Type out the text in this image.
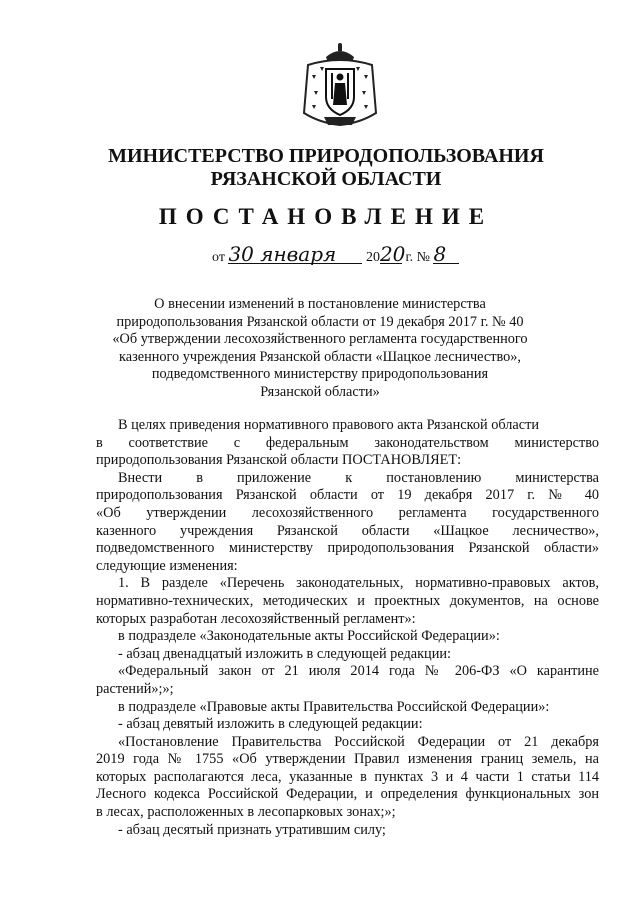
МИНИСТЕРСТВО ПРИРОДОПОЛЬЗОВАНИЯ
РЯЗАНСКОЙ ОБЛАСТИ
ПОСТАНОВЛЕНИЕ
от 30 января 2020 г. № 8

О внесении изменений в постановление министерства

природопользования Рязанской области от 19 декабря 2017 г. № 40

«Об утверждении лесохозяйственного регламента государственного

казенного учреждения Рязанской области «Шацкое лесничество»,

подведомственного министерству природопользования

Рязанской области»

В целях приведения нормативного правового акта Рязанской области

в соответствие с федеральным законодательством министерство

природопользования Рязанской области ПОСТАНОВЛЯЕТ:

Внести в приложение к постановлению министерства

природопользования Рязанской области от 19 декабря 2017 г. № 40

«Об утверждении лесохозяйственного регламента государственного

казенного учреждения Рязанской области «Шацкое лесничество»,

подведомственного министерству природопользования Рязанской области»

следующие изменения:

1. В разделе «Перечень законодательных, нормативно-правовых актов,

нормативно-технических, методических и проектных документов, на основе

которых разработан лесохозяйственный регламент»:

в подразделе «Законодательные акты Российской Федерации»:

- абзац двенадцатый изложить в следующей редакции:

«Федеральный закон от 21 июля 2014 года № 206-ФЗ «О карантине

растений»;»;

в подразделе «Правовые акты Правительства Российской Федерации»:

- абзац девятый изложить в следующей редакции:

«Постановление Правительства Российской Федерации от 21 декабря

2019 года № 1755 «Об утверждении Правил изменения границ земель, на

которых располагаются леса, указанные в пунктах 3 и 4 части 1 статьи 114

Лесного кодекса Российской Федерации, и определения функциональных зон

в лесах, расположенных в лесопарковых зонах;»;

- абзац десятый признать утратившим силу;
